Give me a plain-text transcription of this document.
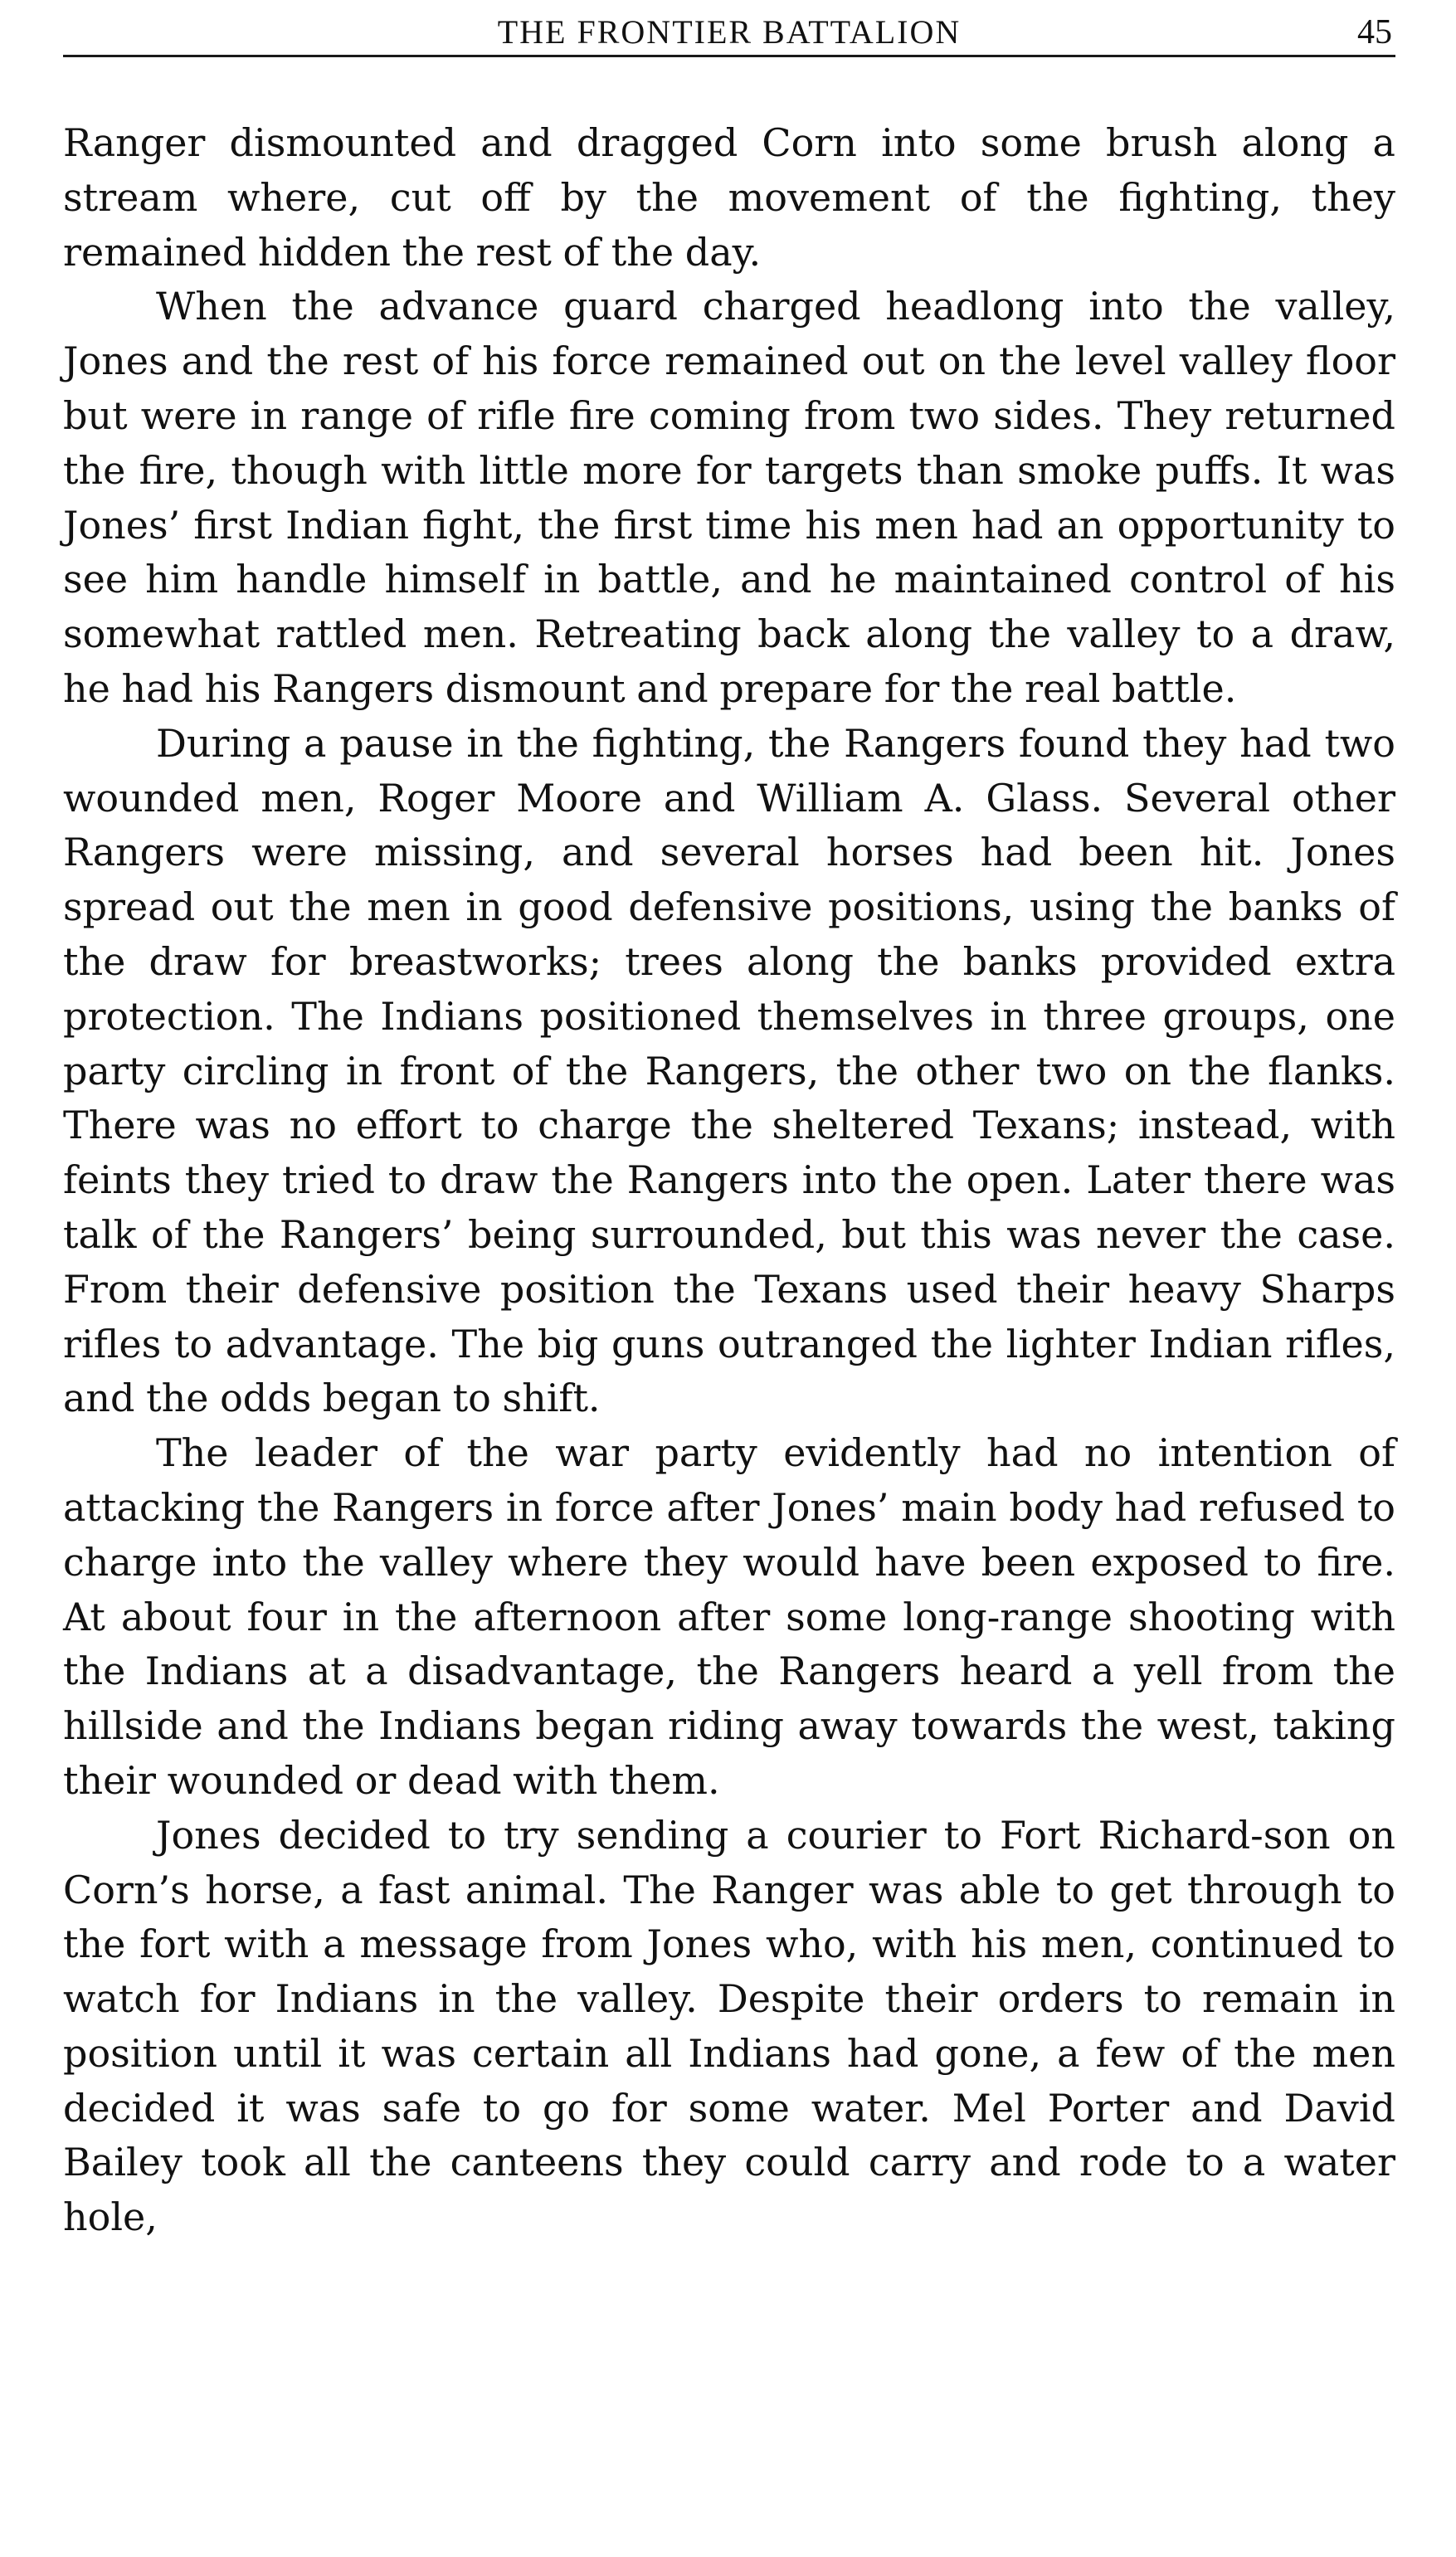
THE FRONTIER BATTALION	45

Ranger dismounted and dragged Corn into some brush along a stream where, cut off by the movement of the fighting, they remained hidden the rest of the day.

When the advance guard charged headlong into the valley, Jones and the rest of his force remained out on the level valley floor but were in range of rifle fire coming from two sides. They returned the fire, though with little more for targets than smoke puffs. It was Jones’ first Indian fight, the first time his men had an opportunity to see him handle himself in battle, and he maintained control of his somewhat rattled men. Retreating back along the valley to a draw, he had his Rangers dismount and prepare for the real battle.

During a pause in the fighting, the Rangers found they had two wounded men, Roger Moore and William A. Glass. Several other Rangers were missing, and several horses had been hit. Jones spread out the men in good defensive positions, using the banks of the draw for breastworks; trees along the banks provided extra protection. The Indians positioned themselves in three groups, one party circling in front of the Rangers, the other two on the flanks. There was no effort to charge the sheltered Texans; instead, with feints they tried to draw the Rangers into the open. Later there was talk of the Rangers’ being surrounded, but this was never the case. From their defensive position the Texans used their heavy Sharps rifles to advantage. The big guns outranged the lighter Indian rifles, and the odds began to shift.

The leader of the war party evidently had no intention of attacking the Rangers in force after Jones’ main body had refused to charge into the valley where they would have been exposed to fire. At about four in the afternoon after some long-range shooting with the Indians at a disadvantage, the Rangers heard a yell from the hillside and the Indians began riding away towards the west, taking their wounded or dead with them.

Jones decided to try sending a courier to Fort Richard-son on Corn’s horse, a fast animal. The Ranger was able to get through to the fort with a message from Jones who, with his men, continued to watch for Indians in the valley. Despite their orders to remain in position until it was certain all Indians had gone, a few of the men decided it was safe to go for some water. Mel Porter and David Bailey took all the canteens they could carry and rode to a water hole,
